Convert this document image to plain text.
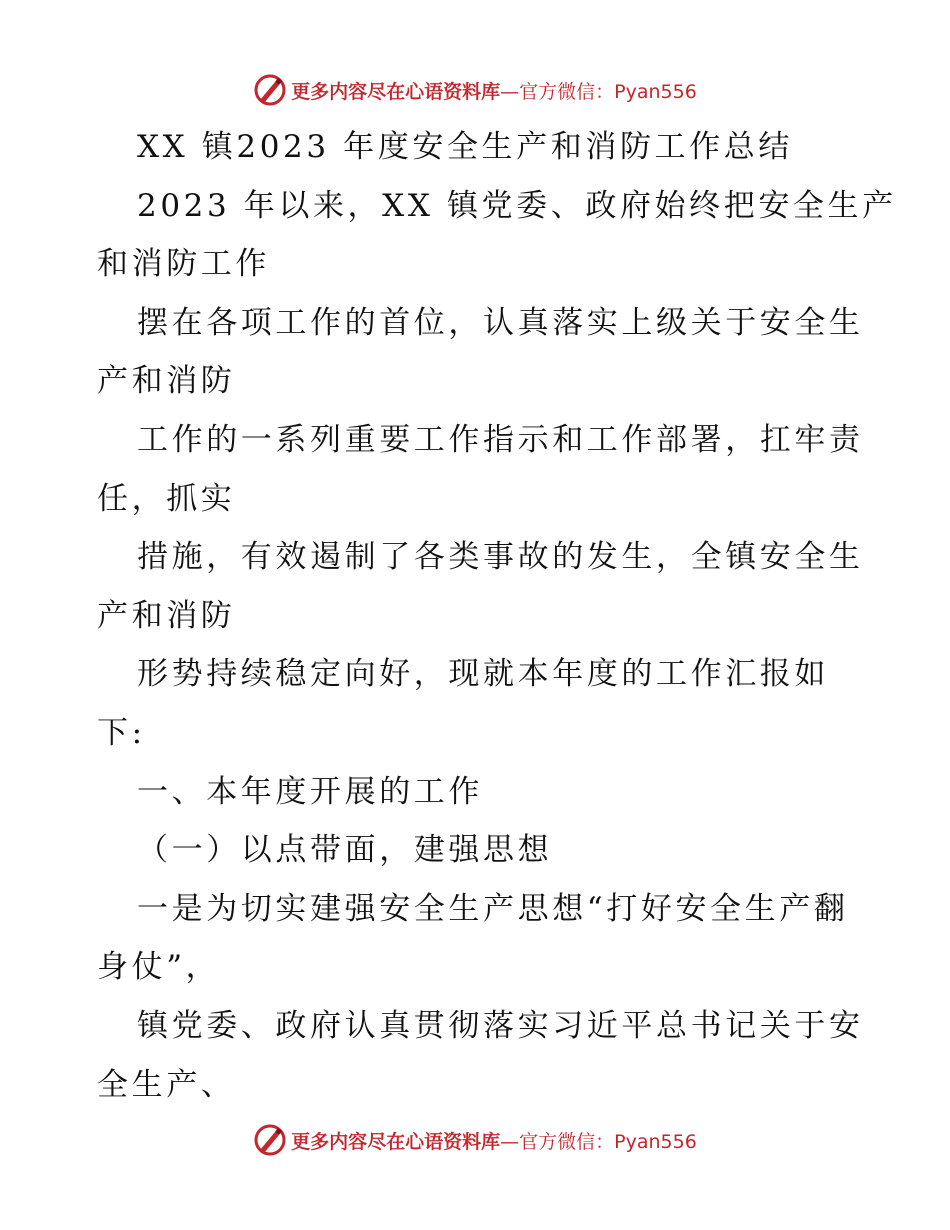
更多内容尽在心语资料库—官方微信：Pyan556
XX 镇2023 年度安全生产和消防工作总结
2023 年以来，XX 镇党委、政府始终把安全生产
和消防工作
摆在各项工作的首位，认真落实上级关于安全生
产和消防
工作的一系列重要工作指示和工作部署，扛牢责
任，抓实
措施，有效遏制了各类事故的发生，全镇安全生
产和消防
形势持续稳定向好，现就本年度的工作汇报如
下:
一、本年度开展的工作
（一）以点带面，建强思想
一是为切实建强安全生产思想“打好安全生产翻
身仗”，
镇党委、政府认真贯彻落实习近平总书记关于安
全生产、
更多内容尽在心语资料库—官方微信：Pyan556
